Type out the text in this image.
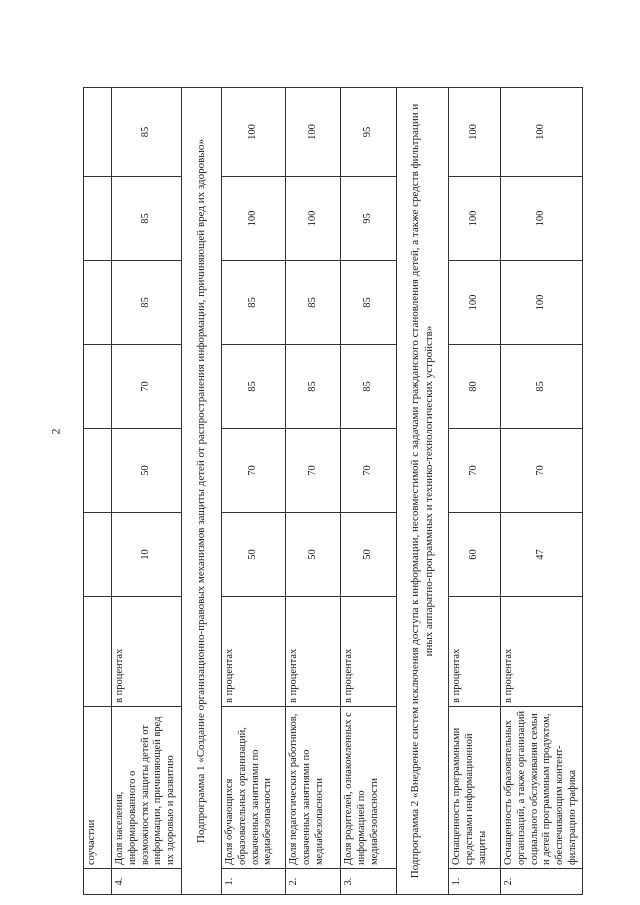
2
	соучастии							
4.	Доля населения, информированного о возможностях защиты детей от информации, причиняющей вред их здоровью и развитию	в процентах	10	50	70	85	85	85
Подпрограмма 1 «Создание организационно-правовых механизмов защиты детей от распространения информации, причиняющей вред их здоровью»								
1.	Доля обучающихся образовательных организаций, охваченных занятиями по медиабезопасности	в процентах	50	70	85	85	100	100
2.	Доля педагогических работников, охваченных занятиями по медиабезопасности	в процентах	50	70	85	85	100	100
3.	Доля родителей, ознакомленных с информацией по медиабезопасности	в процентах	50	70	85	85	95	95
Подпрограмма 2 «Внедрение систем исключения доступа к информации, несовместимой с задачами гражданского становления детей, а также средств фильтрации и иных аппаратно-программных и технико-технологических устройств»								
1.	Оснащенность программными средствами информационной защиты	в процентах	60	70	80	100	100	100
2.	Оснащенность образовательных организаций, а также организаций социального обслуживания семьи и детей программным продуктом, обеспечивающим контент-фильтрацию трафика	в процентах	47	70	85	100	100	100
